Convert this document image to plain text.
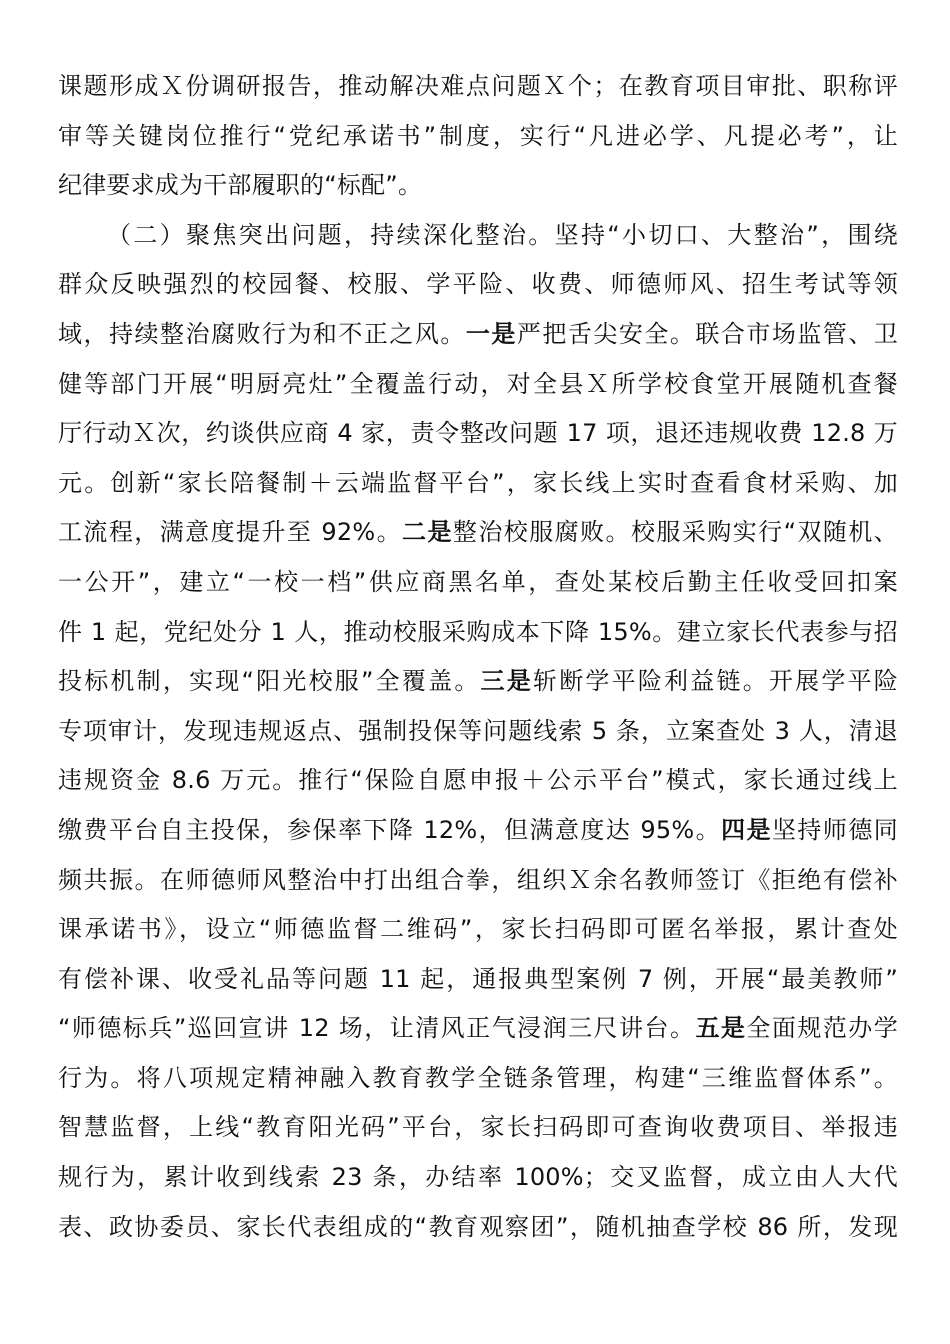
课题形成Ｘ份调研报告，推动解决难点问题Ｘ个；在教育项目审批、职称评
审等关键岗位推行“党纪承诺书”制度，实行“凡进必学、凡提必考”，让
纪律要求成为干部履职的“标配”。
（二）聚焦突出问题，持续深化整治。坚持“小切口、大整治”，围绕
群众反映强烈的校园餐、校服、学平险、收费、师德师风、招生考试等领
域，持续整治腐败行为和不正之风。一是严把舌尖安全。联合市场监管、卫
健等部门开展“明厨亮灶”全覆盖行动，对全县Ｘ所学校食堂开展随机查餐
厅行动Ｘ次，约谈供应商 4 家，责令整改问题 17 项，退还违规收费 12.8 万
元。创新“家长陪餐制＋云端监督平台”，家长线上实时查看食材采购、加
工流程，满意度提升至 92%。二是整治校服腐败。校服采购实行“双随机、
一公开”，建立“一校一档”供应商黑名单，查处某校后勤主任收受回扣案
件 1 起，党纪处分 1 人，推动校服采购成本下降 15%。建立家长代表参与招
投标机制，实现“阳光校服”全覆盖。三是斩断学平险利益链。开展学平险
专项审计，发现违规返点、强制投保等问题线索 5 条，立案查处 3 人，清退
违规资金 8.6 万元。推行“保险自愿申报＋公示平台”模式，家长通过线上
缴费平台自主投保，参保率下降 12%，但满意度达 95%。四是坚持师德同
频共振。在师德师风整治中打出组合拳，组织Ｘ余名教师签订《拒绝有偿补
课承诺书》，设立“师德监督二维码”，家长扫码即可匿名举报，累计查处
有偿补课、收受礼品等问题 11 起，通报典型案例 7 例，开展“最美教师”
“师德标兵”巡回宣讲 12 场，让清风正气浸润三尺讲台。五是全面规范办学
行为。将八项规定精神融入教育教学全链条管理，构建“三维监督体系”。
智慧监督，上线“教育阳光码”平台，家长扫码即可查询收费项目、举报违
规行为，累计收到线索 23 条，办结率 100%；交叉监督，成立由人大代
表、政协委员、家长代表组成的“教育观察团”，随机抽查学校 86 所，发现
